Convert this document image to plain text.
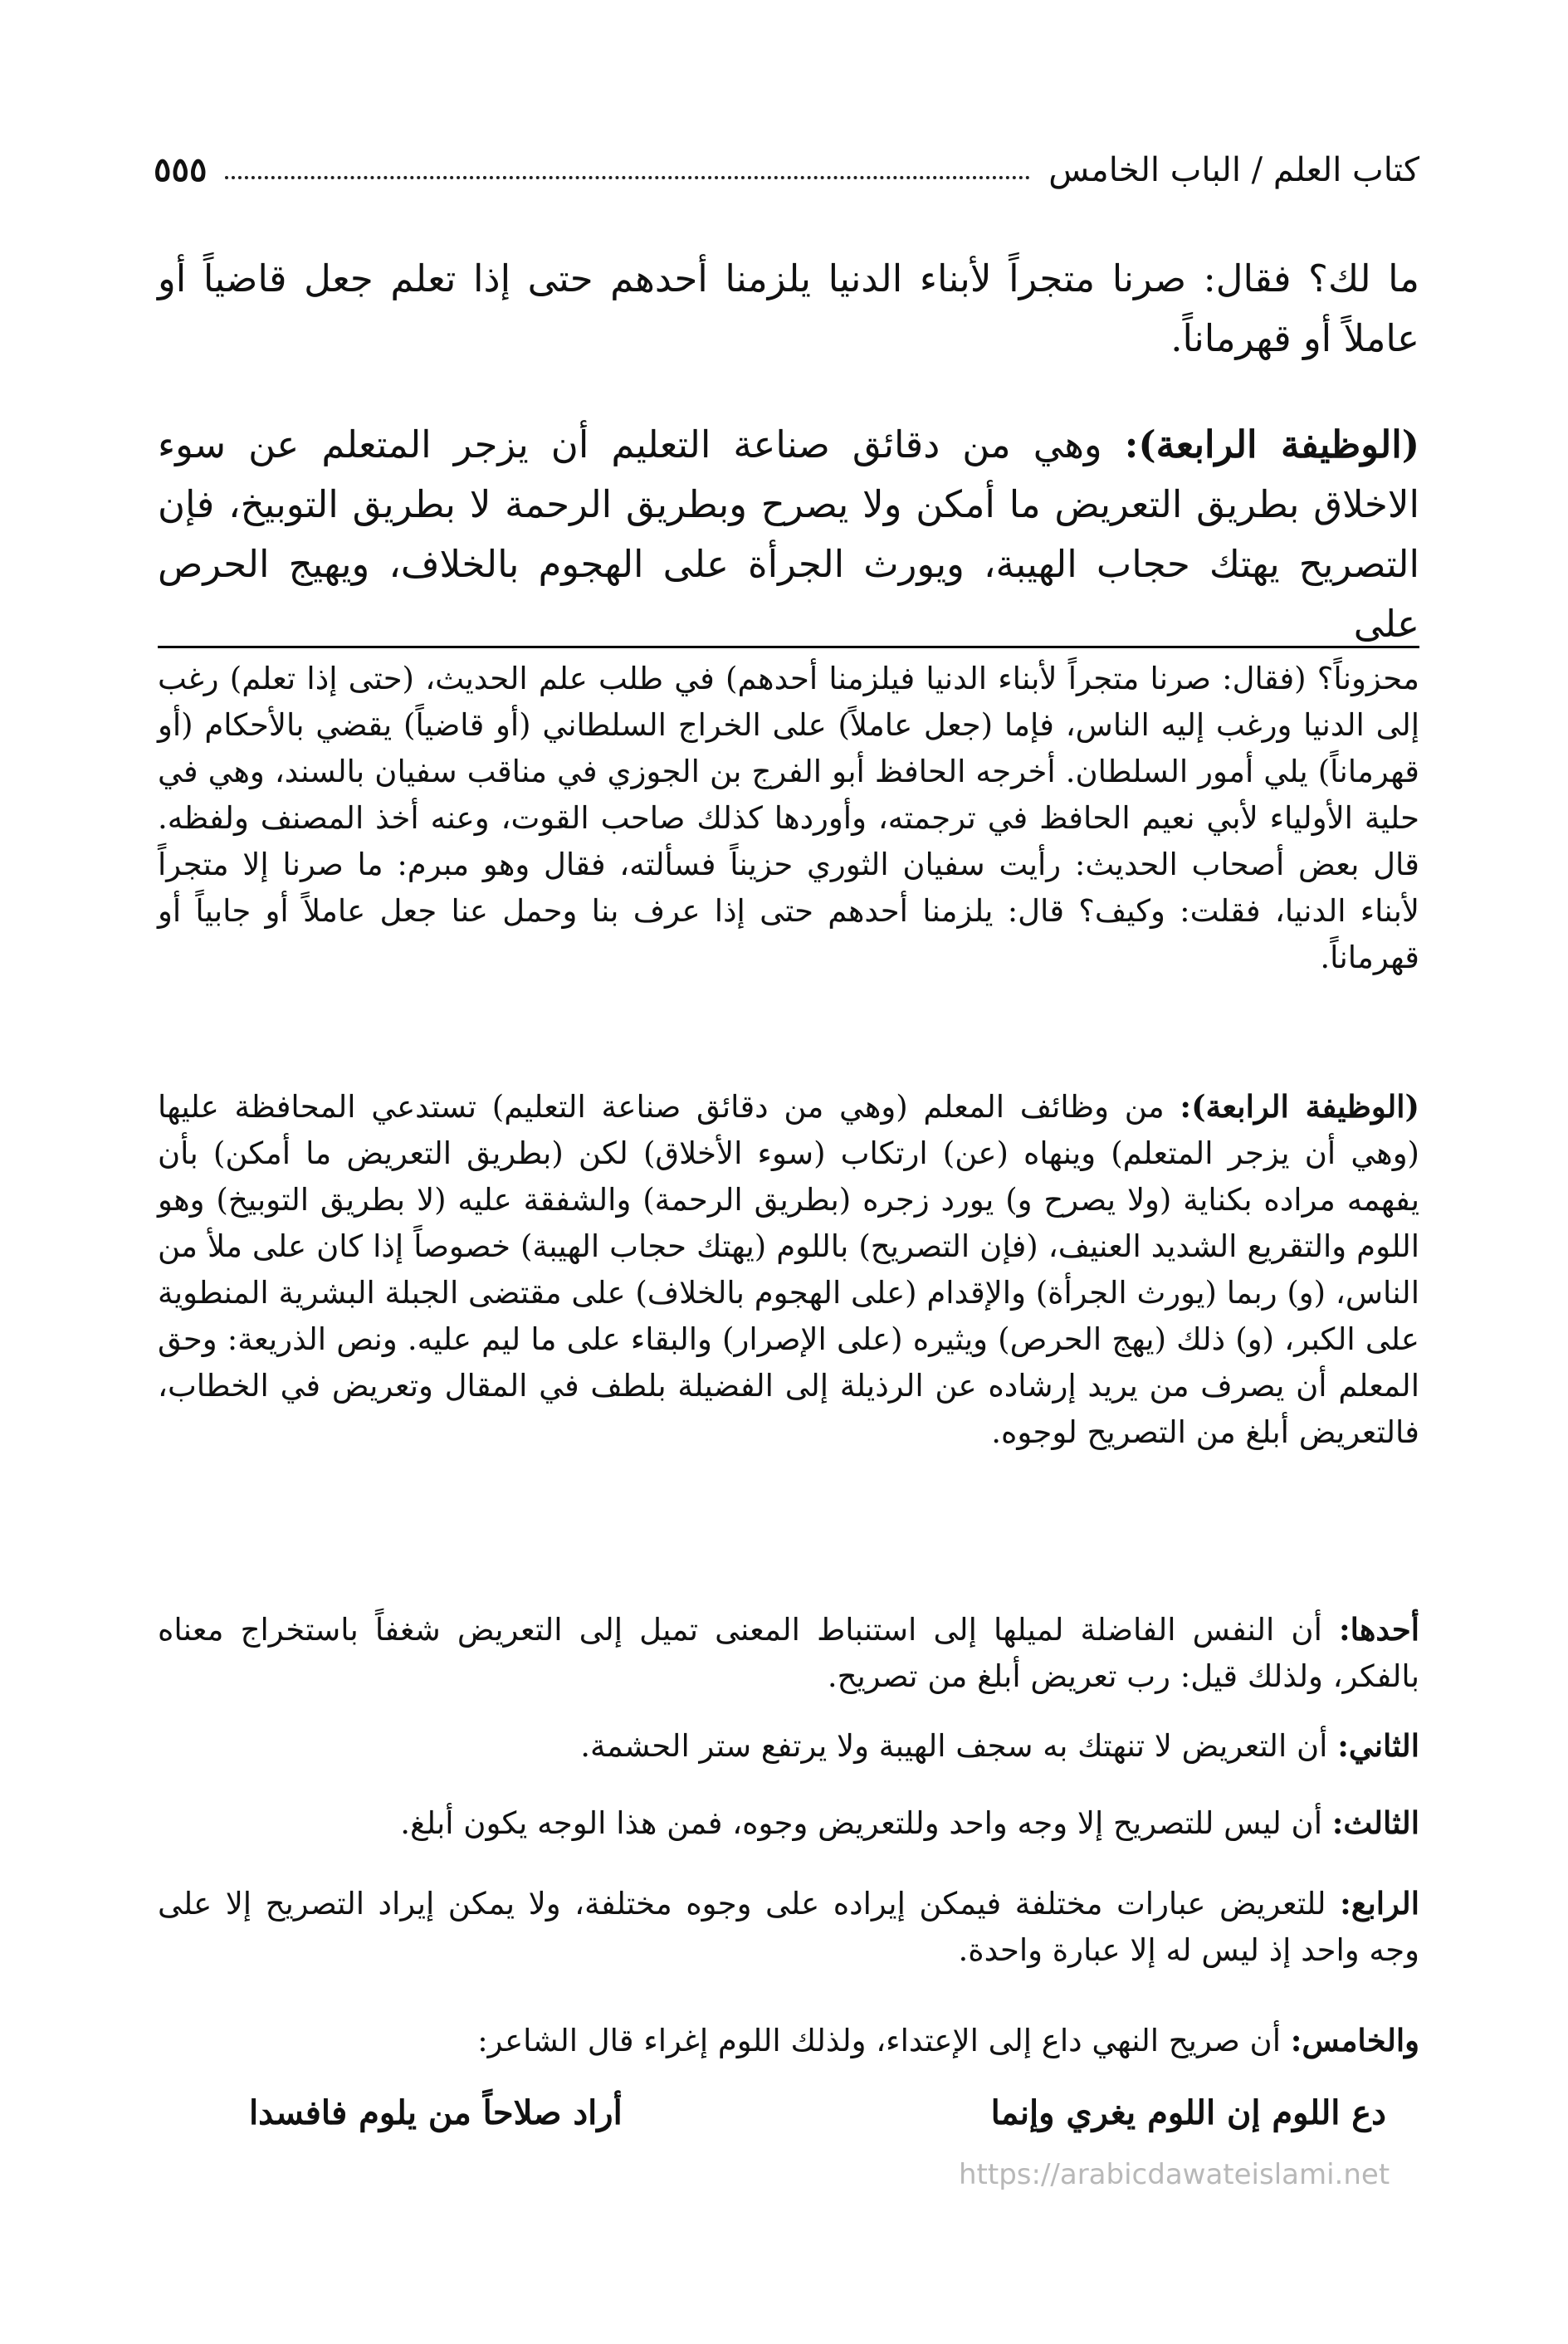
كتاب العلم / الباب الخامس
٥٥٥
ما لك؟ فقال: صرنا متجراً لأبناء الدنيا يلزمنا أحدهم حتى إذا تعلم جعل قاضياً أو عاملاً أو قهرماناً.
(الوظيفة الرابعة): وهي من دقائق صناعة التعليم أن يزجر المتعلم عن سوء الاخلاق بطريق التعريض ما أمكن ولا يصرح وبطريق الرحمة لا بطريق التوبيخ، فإن التصريح يهتك حجاب الهيبة، ويورث الجرأة على الهجوم بالخلاف، ويهيج الحرص على
محزوناً؟ (فقال: صرنا متجراً لأبناء الدنيا فيلزمنا أحدهم) في طلب علم الحديث، (حتى إذا تعلم) رغب إلى الدنيا ورغب إليه الناس، فإما (جعل عاملاً) على الخراج السلطاني (أو قاضياً) يقضي بالأحكام (أو قهرماناً) يلي أمور السلطان. أخرجه الحافظ أبو الفرج بن الجوزي في مناقب سفيان بالسند، وهي في حلية الأولياء لأبي نعيم الحافظ في ترجمته، وأوردها كذلك صاحب القوت، وعنه أخذ المصنف ولفظه. قال بعض أصحاب الحديث: رأيت سفيان الثوري حزيناً فسألته، فقال وهو مبرم: ما صرنا إلا متجراً لأبناء الدنيا، فقلت: وكيف؟ قال: يلزمنا أحدهم حتى إذا عرف بنا وحمل عنا جعل عاملاً أو جابياً أو قهرماناً.
(الوظيفة الرابعة): من وظائف المعلم (وهي من دقائق صناعة التعليم) تستدعي المحافظة عليها (وهي أن يزجر المتعلم) وينهاه (عن) ارتكاب (سوء الأخلاق) لكن (بطريق التعريض ما أمكن) بأن يفهمه مراده بكناية (ولا يصرح و) يورد زجره (بطريق الرحمة) والشفقة عليه (لا بطريق التوبيخ) وهو اللوم والتقريع الشديد العنيف، (فإن التصريح) باللوم (يهتك حجاب الهيبة) خصوصاً إذا كان على ملأ من الناس، (و) ربما (يورث الجرأة) والإقدام (على الهجوم بالخلاف) على مقتضى الجبلة البشرية المنطوية على الكبر، (و) ذلك (يهج الحرص) ويثيره (على الإصرار) والبقاء على ما ليم عليه. ونص الذريعة: وحق المعلم أن يصرف من يريد إرشاده عن الرذيلة إلى الفضيلة بلطف في المقال وتعريض في الخطاب، فالتعريض أبلغ من التصريح لوجوه.
أحدها: أن النفس الفاضلة لميلها إلى استنباط المعنى تميل إلى التعريض شغفاً باستخراج معناه بالفكر، ولذلك قيل: رب تعريض أبلغ من تصريح.
الثاني: أن التعريض لا تنهتك به سجف الهيبة ولا يرتفع ستر الحشمة.
الثالث: أن ليس للتصريح إلا وجه واحد وللتعريض وجوه، فمن هذا الوجه يكون أبلغ.
الرابع: للتعريض عبارات مختلفة فيمكن إيراده على وجوه مختلفة، ولا يمكن إيراد التصريح إلا على وجه واحد إذ ليس له إلا عبارة واحدة.
والخامس: أن صريح النهي داع إلى الإعتداء، ولذلك اللوم إغراء قال الشاعر:
دع اللوم إن اللوم يغري وإنما
أراد صلاحاً من يلوم فافسدا
https://arabicdawateislami.net
